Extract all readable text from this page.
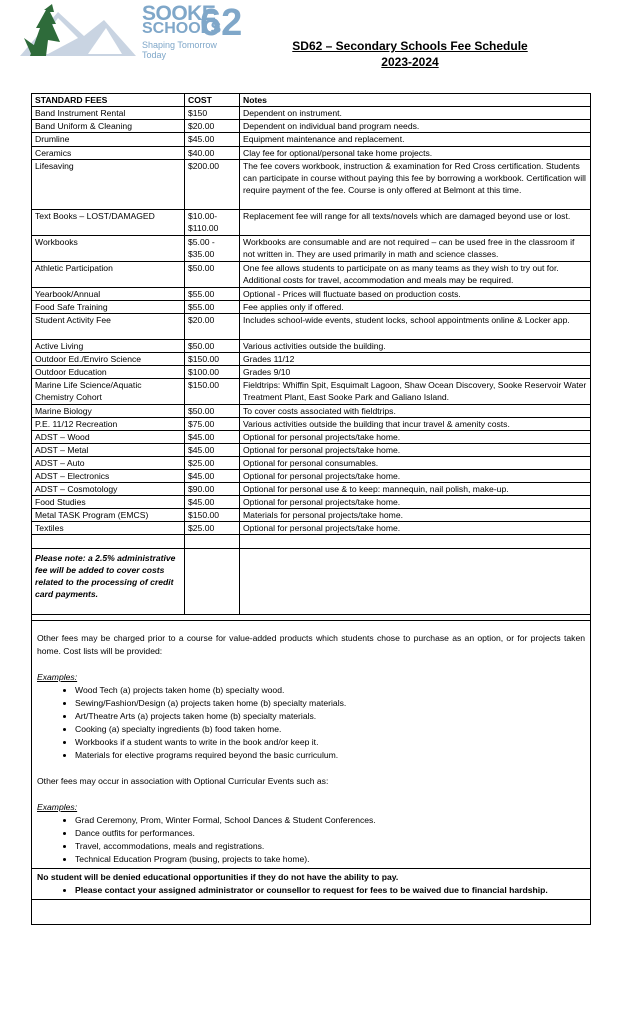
SOOKE
SCHOOLS
62
Shaping Tomorrow Today
SD62 – Secondary Schools Fee Schedule
2023-2024
STANDARD FEES	COST	Notes
Band Instrument Rental	$150	Dependent on instrument.
Band Uniform & Cleaning	$20.00	Dependent on individual band program needs.
Drumline	$45.00	Equipment maintenance and replacement.
Ceramics	$40.00	Clay fee for optional/personal take home projects.
Lifesaving	$200.00	The fee covers workbook, instruction & examination for Red Cross certification. Students can participate in course without paying this fee by borrowing a workbook. Certification will require payment of the fee. Course is only offered at Belmont at this time.
Text Books – LOST/DAMAGED	$10.00- $110.00	Replacement fee will range for all texts/novels which are damaged beyond use or lost.
Workbooks	$5.00 - $35.00	Workbooks are consumable and are not required – can be used free in the classroom if not written in. They are used primarily in math and science classes.
Athletic Participation	$50.00	One fee allows students to participate on as many teams as they wish to try out for. Additional costs for travel, accommodation and meals may be required.
Yearbook/Annual	$55.00	Optional - Prices will fluctuate based on production costs.
Food Safe Training	$55.00	Fee applies only if offered.
Student Activity Fee	$20.00	Includes school-wide events, student locks, school appointments online & Locker app.
Active Living	$50.00	Various activities outside the building.
Outdoor Ed./Enviro Science	$150.00	Grades 11/12
Outdoor Education	$100.00	Grades 9/10
Marine Life Science/Aquatic Chemistry Cohort	$150.00	Fieldtrips: Whiffin Spit, Esquimalt Lagoon, Shaw Ocean Discovery, Sooke Reservoir Water Treatment Plant, East Sooke Park and Galiano Island.
Marine Biology	$50.00	To cover costs associated with fieldtrips.
P.E. 11/12 Recreation	$75.00	Various activities outside the building that incur travel & amenity costs.
ADST – Wood	$45.00	Optional for personal projects/take home.
ADST – Metal	$45.00	Optional for personal projects/take home.
ADST – Auto	$25.00	Optional for personal consumables.
ADST – Electronics	$45.00	Optional for personal projects/take home.
ADST – Cosmotology	$90.00	Optional for personal use & to keep: mannequin, nail polish, make-up.
Food Studies	$45.00	Optional for personal projects/take home.
Metal TASK Program (EMCS)	$150.00	Materials for personal projects/take home.
Textiles	$25.00	Optional for personal projects/take home.

Please note: a 2.5% administrative fee will be added to cover costs related to the processing of credit card payments.		
Other fees may be charged prior to a course for value-added products which students chose to purchase as an option, or for projects taken home. Cost lists will be provided:
Examples:
• Wood Tech (a) projects taken home (b) specialty wood.
• Sewing/Fashion/Design (a) projects taken home (b) specialty materials.
• Art/Theatre Arts (a) projects taken home (b) specialty materials.
• Cooking (a) specialty ingredients (b) food taken home.
• Workbooks if a student wants to write in the book and/or keep it.
• Materials for elective programs required beyond the basic curriculum.
Other fees may occur in association with Optional Curricular Events such as:
Examples:
• Grad Ceremony, Prom, Winter Formal, School Dances & Student Conferences.
• Dance outfits for performances.
• Travel, accommodations, meals and registrations.
• Technical Education Program (busing, projects to take home).
No student will be denied educational opportunities if they do not have the ability to pay.
• Please contact your assigned administrator or counsellor to request for fees to be waived due to financial hardship.
